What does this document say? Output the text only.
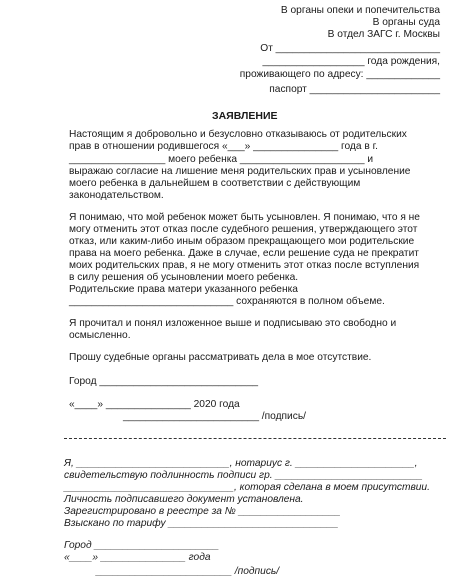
В органы опеки и попечительства
В органы суда
В отдел ЗАГС г. Москвы
От _____________________________
__________________ года рождения,
проживающего по адресу: _____________
паспорт _______________________
ЗАЯВЛЕНИЕ
Настоящим я добровольно и безусловно отказываюсь от родительских
прав в отношении родившегося «___» _______________ года в г.
_________________ моего ребенка ______________________ и
выражаю согласие на лишение меня родительских прав и усыновление
моего ребенка в дальнейшем в соответствии с действующим
законодательством.
Я понимаю, что мой ребенок может быть усыновлен. Я понимаю, что я не
могу отменить этот отказ после судебного решения, утверждающего этот
отказ, или каким-либо иным образом прекращающего мои родительские
права на моего ребенка. Даже в случае, если решение суда не прекратит
моих родительских прав, я не могу отменить этот отказ после вступления
в силу решения об усыновлении моего ребенка.
Родительские права матери указанного ребенка
_____________________________ сохраняются в полном объеме.
Я прочитал и понял изложенное выше и подписываю это свободно и
осмысленно.
Прошу судебные органы рассматривать дела в мое отсутствие.
Город ____________________________
«____» _______________ 2020 года
________________________ /подпись/
Я, ___________________________, нотариус г. _____________________,
свидетельствую подлинность подписи гр. __________________________
______________________________, которая сделана в моем присутствии.
Личность подписавшего документ установлена.
Зарегистрировано в реестре за № __________________
Взыскано по тарифу ______________________________
Город ______________________
«____» _______________ года
________________________ /подпись/
